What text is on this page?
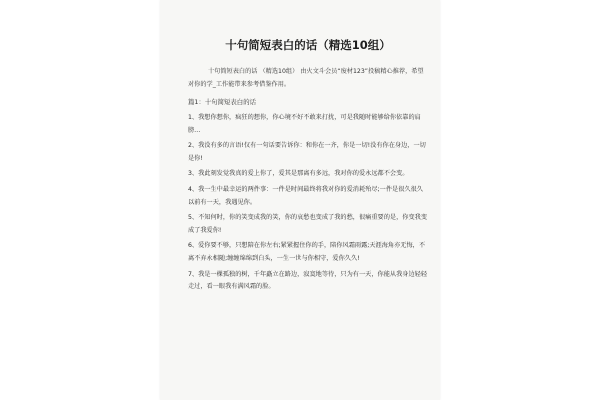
十句简短表白的话（精选10组）

十句简短表白的话 （精选10组） 由火文斗会员“废材123”投稿精心推荐，希望对你的学_工作能带来参考借鉴作用。

篇1：十句简短表白的话

1、我想你想你，疯狂的想你，你心境不好不敢来打扰，可是我随时能够给你依靠的肩膀…

2、我没有多的言语!仅有一句话要告诉你：和你在一齐，你是一切!没有你在身边，一切是你!

3、我此刻发觉我真的爱上你了，爱其是那离有多远，我对你的爱永远都不会变。

4、我一生中最幸运的两件事：一件是时间最终将我对你的爱消耗殆尽;一件是很久很久以前有一天，我遇见你。

5、不知何时，你的笑变成我的笑，你的哀愁也变成了我的愁，很痛重要的是，你变我变成了我爱你!

6、爱你要不够，只想陪在你左右;紧紧握住你的手，陪你风霜雨露;天涯海角亦无悔，不离不弃永相随;缠缠绵绵到白头，一生一世与你相守，爱你久久!

7、我是一棵孤独的树，千年矗立在路边，寂寞地等待，只为有一天，你能从我身边轻轻走过，看一眼我有满风霜的脸。
